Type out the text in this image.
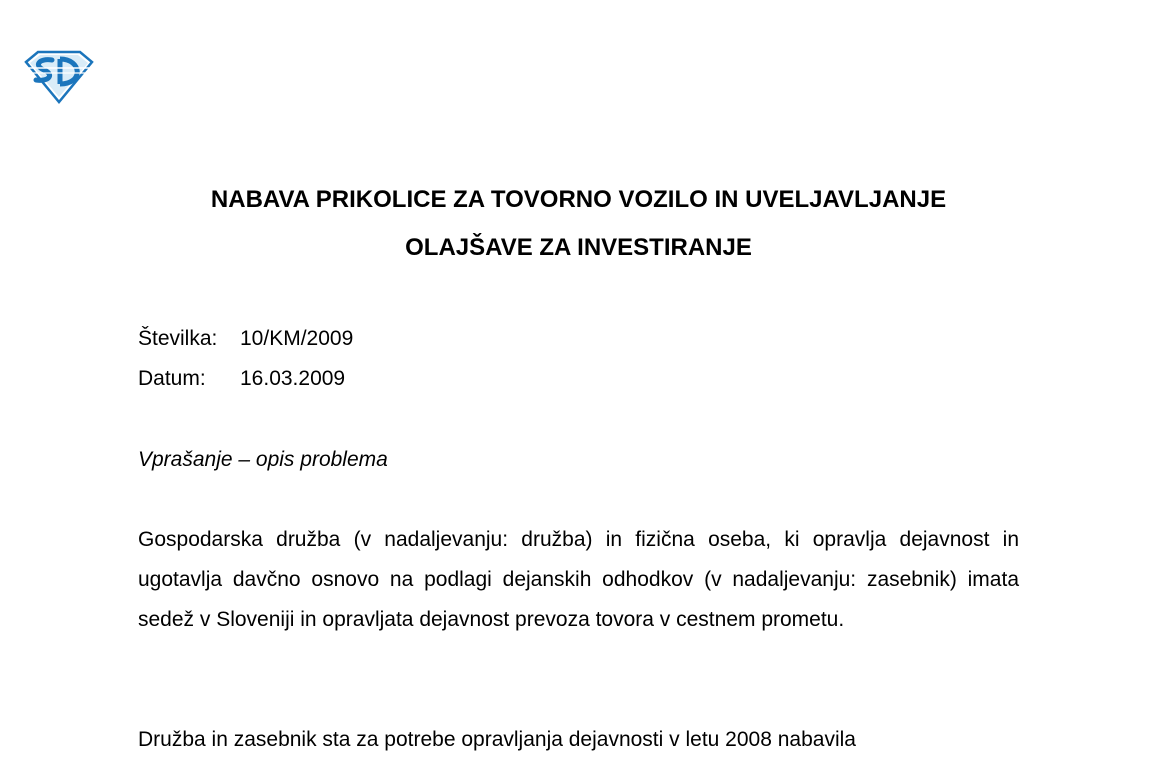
NABAVA PRIKOLICE ZA TOVORNO VOZILO IN UVELJAVLJANJE
OLAJŠAVE ZA INVESTIRANJE
Številka: 10/KM/2009
Datum: 16.03.2009
Vprašanje – opis problema

Gospodarska družba (v nadaljevanju: družba) in fizična oseba, ki opravlja dejavnost in ugotavlja davčno osnovo na podlagi dejanskih odhodkov (v nadaljevanju: zasebnik) imata sedež v Sloveniji in opravljata dejavnost prevoza tovora v cestnem prometu.

Družba in zasebnik sta za potrebe opravljanja dejavnosti v letu 2008 nabavila
